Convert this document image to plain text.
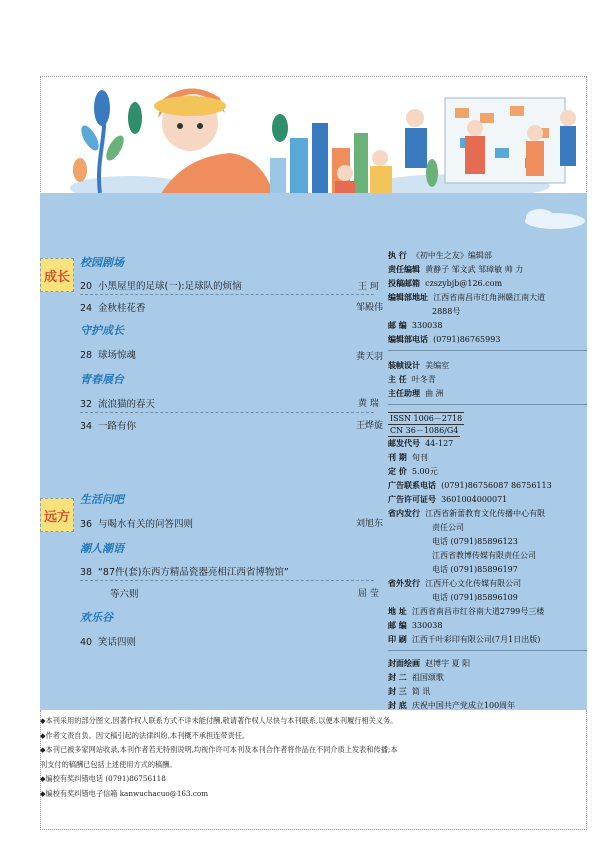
成长
校园剧场
20 小黑屋里的足球(一):足球队的烦恼	王 珂
24 金秋桂花香	邹殿伟
守护成长
28 球场惊魂	龚天羽
青春展台
32 流浪猫的春天	黄 瑞
34 一路有你	王烨旋
远方
生活问吧
36 与喝水有关的问答四则	刘旭东
潮人潮语
38 “87件(套)东西方精品瓷器亮相江西省博物馆”
等六则	屈 莹
欢乐谷
40 笑话四则
执 行 《初中生之友》编辑部
责任编辑 黄静子 邹文武 邹璋敏 帅 力
投稿邮箱 czszybjb@126.com
编辑部地址 江西省南昌市红角洲赣江南大道
2888号
邮 编 330038
编辑部电话 (0791)86765993
装帧设计 美编室
主 任 叶冬青
主任助理 曲 洲
ISSN 1006－2718
CN 36－1086/G4
邮发代号 44-127
刊 期 旬刊
定 价 5.00元
广告联系电话 (0791)86756087 86756113
广告许可证号 3601004000071
省内发行 江西省新蕾教育文化传播中心有限
责任公司
电话 (0791)85896123
江西省教博传媒有限责任公司
电话 (0791)85896197
省外发行 江西开心文化传媒有限公司
电话 (0791)85896109
地 址 江西省南昌市红谷南大道2799号三楼
邮 编 330038
印 刷 江西千叶彩印有限公司(7月1日出版)
封面绘画 赵博宇 夏 阳
封 二 祖国颂歌
封 三 简 讯
封 底 庆祝中国共产党成立100周年
◆本刊采用的部分图文,因著作权人联系方式不详未能付酬,敬请著作权人尽快与本刊联系,以便本刊履行相关义务。
◆作者文责自负。因文稿引起的法律纠纷,本刊概不承担连带责任。
◆本刊已被多家网站收录,本刊作者若无特别说明,均视作许可本刊及本刊合作者将作品在不同介质上发表和传播;本
刊支付的稿酬已包括上述使用方式的稿酬。
◆编校有奖纠错电话 (0791)86756118
◆编校有奖纠错电子信箱 kanwuchacuo@163.com
